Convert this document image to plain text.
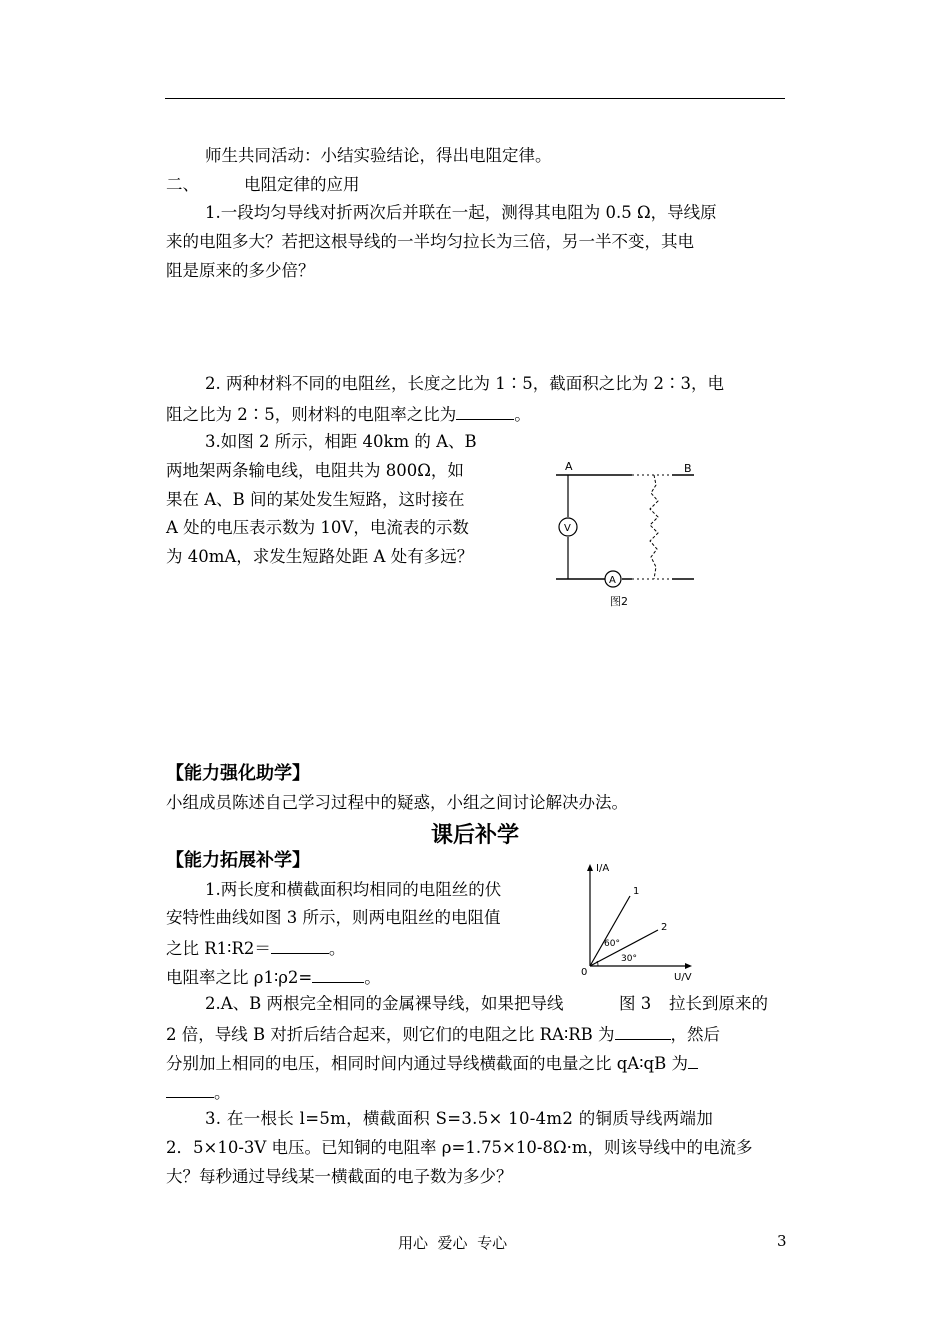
师生共同活动：小结实验结论，得出电阻定律。
二、	电阻定律的应用
1.一段均匀导线对折两次后并联在一起，测得其电阻为 0.5 Ω，导线原
来的电阻多大？若把这根导线的一半均匀拉长为三倍，另一半不变，其电
阻是原来的多少倍？
2. 两种材料不同的电阻丝，长度之比为 1∶5，截面积之比为 2∶3，电
阻之比为 2∶5，则材料的电阻率之比为	。
3.如图 2 所示，相距 40km 的 A、B
两地架两条输电线，电阻共为 800Ω，如
果在 A、B 间的某处发生短路，这时接在
A 处的电压表示数为 10V，电流表的示数
为 40mA，求发生短路处距 A 处有多远？
A	B
V
A
图2
【能力强化助学】
小组成员陈述自己学习过程中的疑惑，小组之间讨论解决办法。
课后补学
【能力拓展补学】
1.两长度和横截面积均相同的电阻丝的伏
安特性曲线如图 3 所示，则两电阻丝的电阻值
之比 R1∶R2＝	。
电阻率之比 ρ1∶ρ2=	。
I/A
U/V
0
1
2
60°
30°
2.A、B 两根完全相同的金属裸导线，如果把导线	图 3 拉长到原来的
2 倍，导线 B 对折后结合起来，则它们的电阻之比 RA∶RB 为	，然后
分别加上相同的电压，相同时间内通过导线横截面的电量之比 qA∶qB 为
。
3. 在一根长 l=5m，横截面积 S=3.5× 10-4m2 的铜质导线两端加
2．5×10-3V 电压。已知铜的电阻率 ρ=1.75×10-8Ω·m，则该导线中的电流多
大？每秒通过导线某一横截面的电子数为多少？
用心  爱心  专心	3
